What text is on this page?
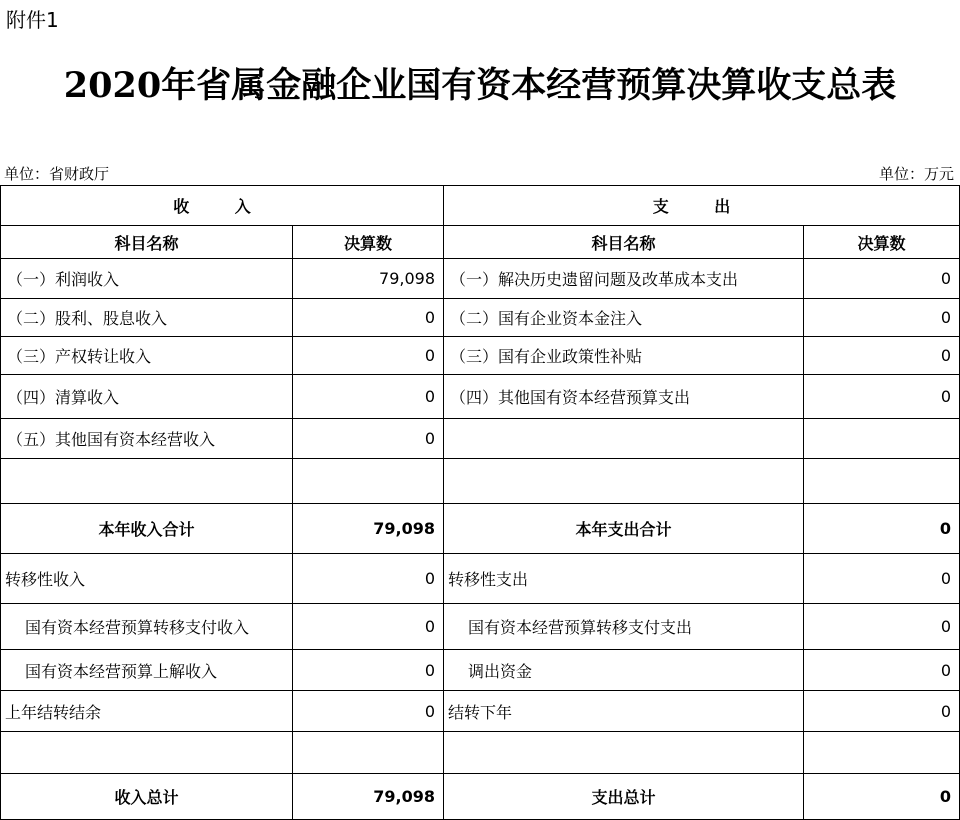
附件1
2020年省属金融企业国有资本经营预算决算收支总表
单位：省财政厅	单位：万元
收 入		支 出	
科目名称	决算数	科目名称	决算数
（一）利润收入	79,098	（一）解决历史遗留问题及改革成本支出	0
（二）股利、股息收入	0	（二）国有企业资本金注入	0
（三）产权转让收入	0	（三）国有企业政策性补贴	0
（四）清算收入	0	（四）其他国有资本经营预算支出	0
（五）其他国有资本经营收入	0		

本年收入合计	79,098	本年支出合计	0
转移性收入	0	转移性支出	0
国有资本经营预算转移支付收入	0	国有资本经营预算转移支付支出	0
国有资本经营预算上解收入	0	调出资金	0
上年结转结余	0	结转下年	0

收入总计	79,098	支出总计	0
